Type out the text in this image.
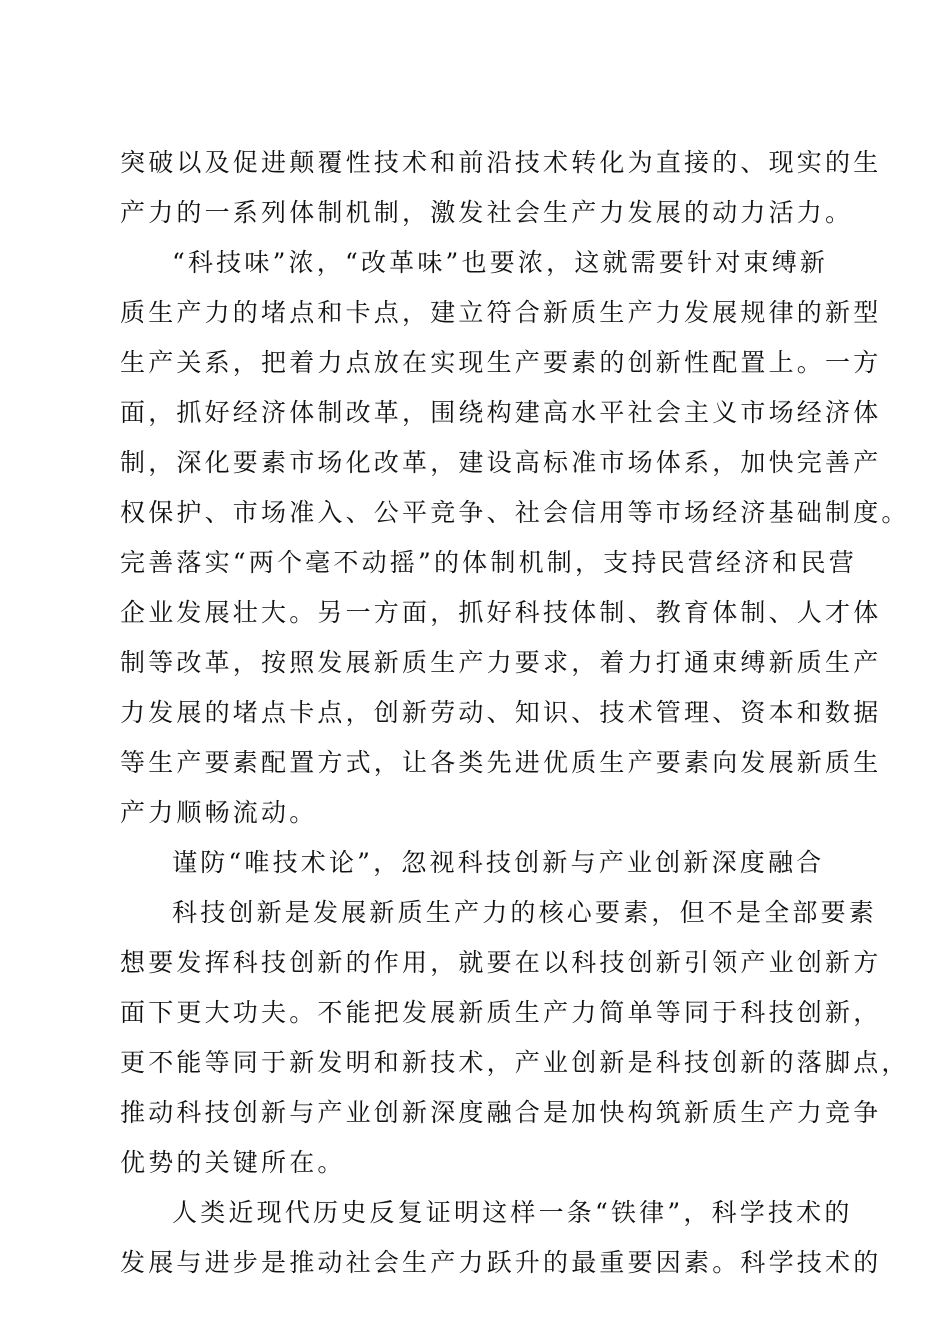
突破以及促进颠覆性技术和前沿技术转化为直接的、现实的生
产力的一系列体制机制，激发社会生产力发展的动力活力。
“科技味”浓，“改革味”也要浓，这就需要针对束缚新
质生产力的堵点和卡点，建立符合新质生产力发展规律的新型
生产关系，把着力点放在实现生产要素的创新性配置上。一方
面，抓好经济体制改革，围绕构建高水平社会主义市场经济体
制，深化要素市场化改革，建设高标准市场体系，加快完善产
权保护、市场准入、公平竞争、社会信用等市场经济基础制度。
完善落实“两个毫不动摇”的体制机制，支持民营经济和民营
企业发展壮大。另一方面，抓好科技体制、教育体制、人才体
制等改革，按照发展新质生产力要求，着力打通束缚新质生产
力发展的堵点卡点，创新劳动、知识、技术管理、资本和数据
等生产要素配置方式，让各类先进优质生产要素向发展新质生
产力顺畅流动。
谨防“唯技术论”，忽视科技创新与产业创新深度融合
科技创新是发展新质生产力的核心要素，但不是全部要素
想要发挥科技创新的作用，就要在以科技创新引领产业创新方
面下更大功夫。不能把发展新质生产力简单等同于科技创新，
更不能等同于新发明和新技术，产业创新是科技创新的落脚点，
推动科技创新与产业创新深度融合是加快构筑新质生产力竞争
优势的关键所在。
人类近现代历史反复证明这样一条“铁律”，科学技术的
发展与进步是推动社会生产力跃升的最重要因素。科学技术的
